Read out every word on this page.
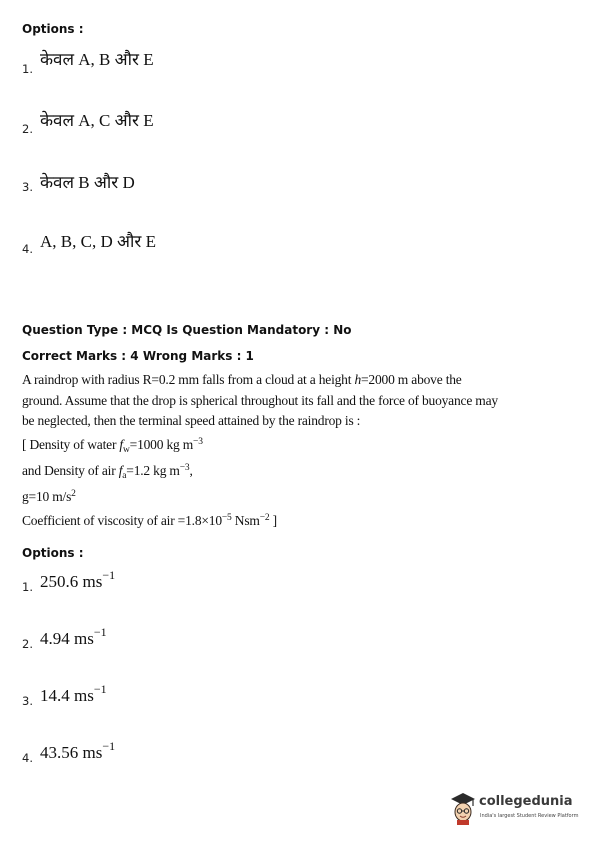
Options :
1. केवल A, B और E
2. केवल A, C और E
3. केवल B और D
4. A, B, C, D और E
Question Type : MCQ Is Question Mandatory : No
Correct Marks : 4 Wrong Marks : 1
A raindrop with radius R=0.2 mm falls from a cloud at a height h=2000 m above the
ground. Assume that the drop is spherical throughout its fall and the force of buoyance may
be neglected, then the terminal speed attained by the raindrop is :
[ Density of water $f_w=1000$ kg $m^{-3}$
and Density of air $f_a=1.2$ kg $m^{-3}$,
g=10 $m/s^2$
Coefficient of viscosity of air $=1.8\times 10^{-5}$ Nsm$^{-2}$ ]
Options :
1. 250.6 $ms^{-1}$
2. 4.94 $ms^{-1}$
3. 14.4 $ms^{-1}$
4. 43.56 $ms^{-1}$
collegedunia
India's largest Student Review Platform
